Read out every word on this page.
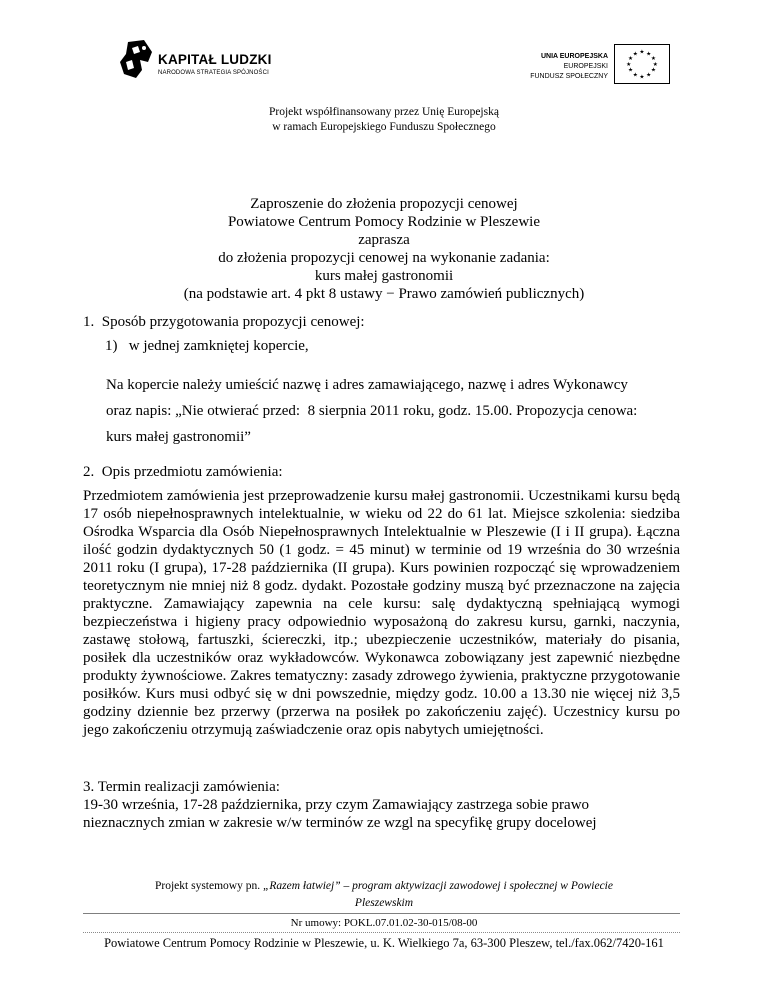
KAPITAŁ LUDZKI
NARODOWA STRATEGIA SPÓJNOŚCI
UNIA EUROPEJSKA
EUROPEJSKI
FUNDUSZ SPOŁECZNY
★ ★
★
★
★
★
★
★
★
★
★
★
Projekt współfinansowany przez Unię Europejską
w ramach Europejskiego Funduszu Społecznego
Zaproszenie do złożenia propozycji cenowej
Powiatowe Centrum Pomocy Rodzinie w Pleszewie
zaprasza
do złożenia propozycji cenowej na wykonanie zadania:
kurs małej gastronomii
(na podstawie art. 4 pkt 8 ustawy − Prawo zamówień publicznych)
1.  Sposób przygotowania propozycji cenowej:
1)   w jednej zamkniętej kopercie,
Na kopercie należy umieścić nazwę i adres zamawiającego, nazwę i adres Wykonawcy
oraz napis: „Nie otwierać przed:  8 sierpnia 2011 roku, godz. 15.00. Propozycja cenowa:
kurs małej gastronomii”
2.  Opis przedmiotu zamówienia:
Przedmiotem zamówienia jest przeprowadzenie kursu małej gastronomii. Uczestnikami kursu będą 17 osób niepełnosprawnych intelektualnie, w wieku od 22 do 61 lat. Miejsce szkolenia: siedziba Ośrodka Wsparcia dla Osób Niepełnosprawnych Intelektualnie w Pleszewie (I i II grupa). Łączna ilość godzin dydaktycznych 50 (1 godz. = 45 minut) w terminie od 19 września do 30 września 2011 roku (I grupa), 17-28 października (II grupa). Kurs powinien rozpocząć się wprowadzeniem teoretycznym nie mniej niż 8 godz. dydakt. Pozostałe godziny muszą być przeznaczone na zajęcia praktyczne. Zamawiający zapewnia na cele kursu: salę dydaktyczną spełniającą wymogi bezpieczeństwa i higieny pracy odpowiednio wyposażoną do zakresu kursu, garnki, naczynia, zastawę stołową, fartuszki, ściereczki, itp.; ubezpieczenie uczestników, materiały do pisania, posiłek dla uczestników oraz wykładowców. Wykonawca zobowiązany jest zapewnić niezbędne produkty żywnościowe. Zakres tematyczny: zasady zdrowego żywienia, praktyczne przygotowanie posiłków. Kurs musi odbyć się w dni powszednie, między godz. 10.00 a 13.30 nie więcej niż 3,5 godziny dziennie bez przerwy (przerwa na posiłek po zakończeniu zajęć). Uczestnicy kursu po jego zakończeniu otrzymują zaświadczenie oraz opis nabytych umiejętności.
3. Termin realizacji zamówienia:
19-30 września, 17-28 października, przy czym Zamawiający zastrzega sobie prawo
nieznacznych zmian w zakresie w/w terminów ze wzgl na specyfikę grupy docelowej
Projekt systemowy pn. „Razem łatwiej” – program aktywizacji zawodowej i społecznej w Powiecie
Pleszewskim
Nr umowy: POKL.07.01.02-30-015/08-00
Powiatowe Centrum Pomocy Rodzinie w Pleszewie, u. K. Wielkiego 7a, 63-300 Pleszew, tel./fax.062/7420-161
